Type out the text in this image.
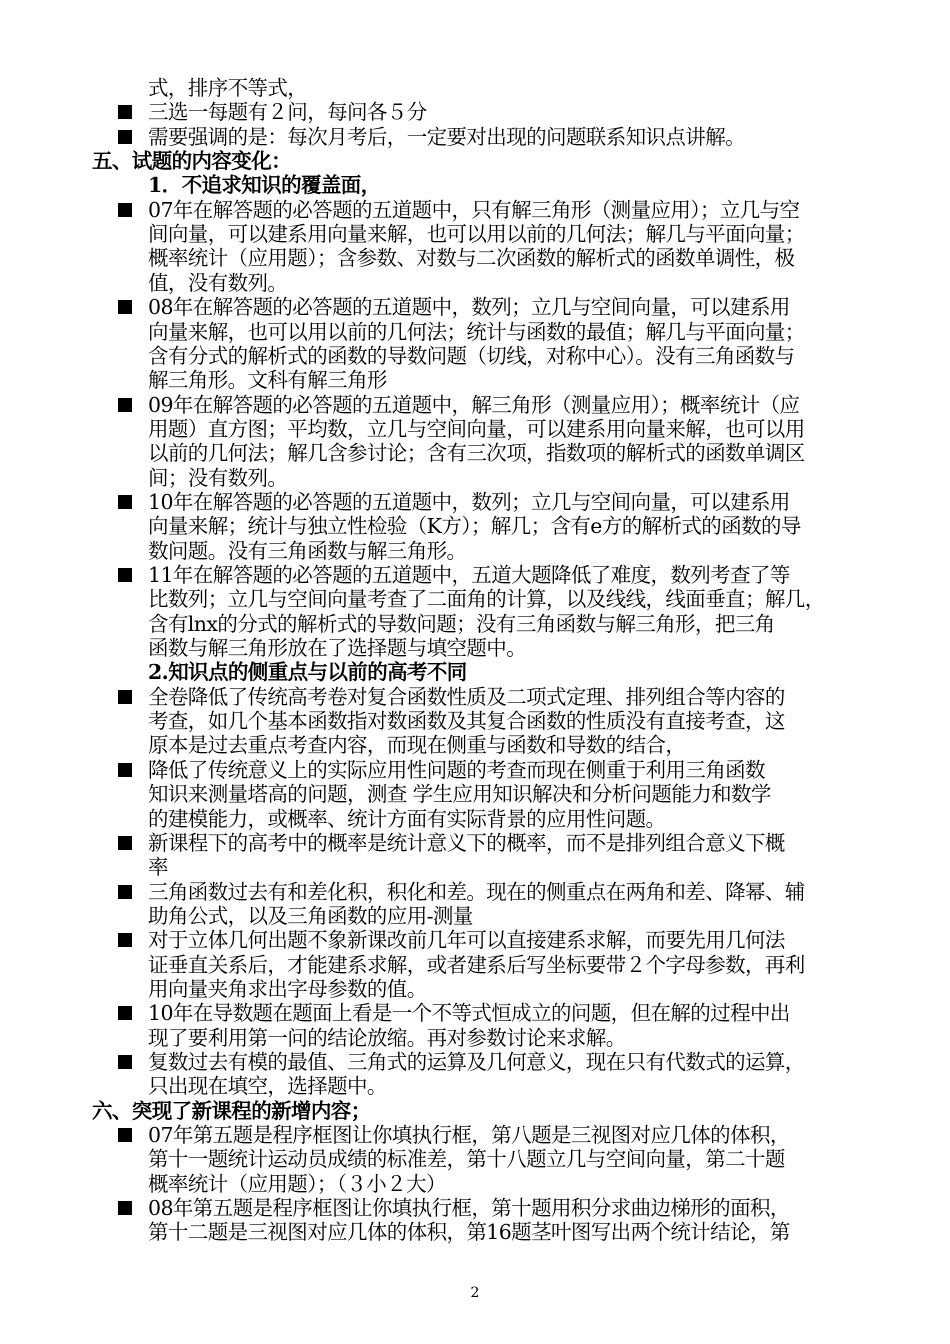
式，排序不等式，
三选一每题有２问，每问各５分
需要强调的是：每次月考后，一定要对出现的问题联系知识点讲解。
五、试题的内容变化：
1．不追求知识的覆盖面，
07年在解答题的必答题的五道题中，只有解三角形（测量应用）；立几与空
间向量，可以建系用向量来解，也可以用以前的几何法；解几与平面向量；
概率统计（应用题）；含参数、对数与二次函数的解析式的函数单调性，极
值，没有数列。
08年在解答题的必答题的五道题中，数列；立几与空间向量，可以建系用
向量来解，也可以用以前的几何法；统计与函数的最值；解几与平面向量；
含有分式的解析式的函数的导数问题（切线，对称中心）。没有三角函数与
解三角形。文科有解三角形
09年在解答题的必答题的五道题中，解三角形（测量应用）；概率统计（应
用题）直方图；平均数，立几与空间向量，可以建系用向量来解，也可以用
以前的几何法；解几含参讨论；含有三次项，指数项的解析式的函数单调区
间；没有数列。
10年在解答题的必答题的五道题中，数列；立几与空间向量，可以建系用
向量来解；统计与独立性检验（K方）；解几；含有e方的解析式的函数的导
数问题。没有三角函数与解三角形。
11年在解答题的必答题的五道题中，五道大题降低了难度，数列考查了等
比数列；立几与空间向量考查了二面角的计算，以及线线，线面垂直；解几，
含有lnx的分式的解析式的导数问题；没有三角函数与解三角形，把三角
函数与解三角形放在了选择题与填空题中。
2.知识点的侧重点与以前的高考不同
全卷降低了传统高考卷对复合函数性质及二项式定理、排列组合等内容的
考查，如几个基本函数指对数函数及其复合函数的性质没有直接考查，这
原本是过去重点考查内容，而现在侧重与函数和导数的结合，
降低了传统意义上的实际应用性问题的考查而现在侧重于利用三角函数
知识来测量塔高的问题，测查 学生应用知识解决和分析问题能力和数学
的建模能力，或概率、统计方面有实际背景的应用性问题。
新课程下的高考中的概率是统计意义下的概率，而不是排列组合意义下概
率
三角函数过去有和差化积，积化和差。现在的侧重点在两角和差、降幂、辅
助角公式，以及三角函数的应用-测量
对于立体几何出题不象新课改前几年可以直接建系求解，而要先用几何法
证垂直关系后，才能建系求解，或者建系后写坐标要带２个字母参数，再利
用向量夹角求出字母参数的值。
10年在导数题在题面上看是一个不等式恒成立的问题，但在解的过程中出
现了要利用第一问的结论放缩。再对参数讨论来求解。
复数过去有模的最值、三角式的运算及几何意义，现在只有代数式的运算，
只出现在填空，选择题中。
六、突现了新课程的新增内容；
07年第五题是程序框图让你填执行框，第八题是三视图对应几体的体积，
第十一题统计运动员成绩的标准差，第十八题立几与空间向量，第二十题
概率统计（应用题）；（３小２大）
08年第五题是程序框图让你填执行框，第十题用积分求曲边梯形的面积，
第十二题是三视图对应几体的体积，第16题茎叶图写出两个统计结论，第
2
